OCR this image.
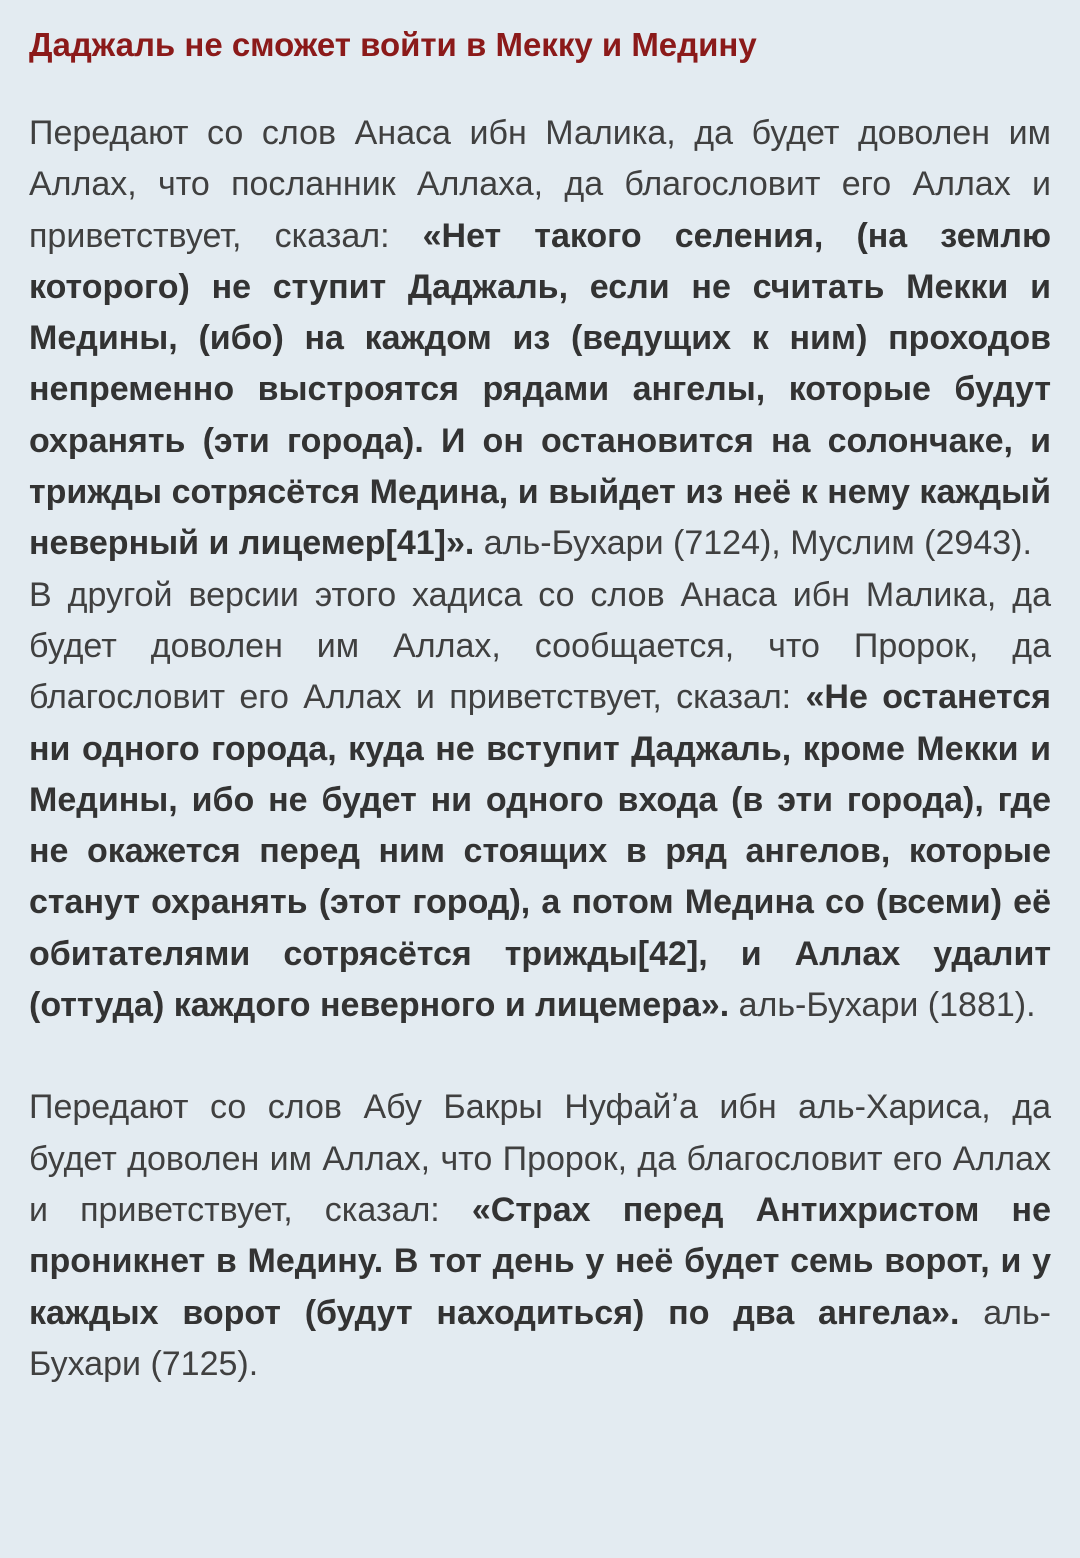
Даджаль не сможет войти в Мекку и Медину

Передают со слов Анаса ибн Малика, да будет доволен им Аллах, что посланник Аллаха, да благословит его Аллах и приветствует, сказал: «Нет такого селения, (на землю которого) не ступит Даджаль, если не считать Мекки и Медины, (ибо) на каждом из (ведущих к ним) проходов непременно выстроятся рядами ангелы, которые будут охранять (эти города). И он остановится на солончаке, и трижды сотрясётся Медина, и выйдет из неё к нему каждый неверный и лицемер[41]». аль-Бухари (7124), Муслим (2943).

В другой версии этого хадиса со слов Анаса ибн Малика, да будет доволен им Аллах, сообщается, что Пророк, да благословит его Аллах и приветствует, сказал: «Не останется ни одного города, куда не вступит Даджаль, кроме Мекки и Медины, ибо не будет ни одного входа (в эти города), где не окажется перед ним стоящих в ряд ангелов, которые станут охранять (этот город), а потом Медина со (всеми) её обитателями сотрясётся трижды[42], и Аллах удалит (оттуда) каждого неверного и лицемера». аль-Бухари (1881).

Передают со слов Абу Бакры Нуфайʼа ибн аль-Хариса, да будет доволен им Аллах, что Пророк, да благословит его Аллах и приветствует, сказал: «Страх перед Антихристом не проникнет в Медину. В тот день у неё будет семь ворот, и у каждых ворот (будут находиться) по два ангела». аль-Бухари (7125).
